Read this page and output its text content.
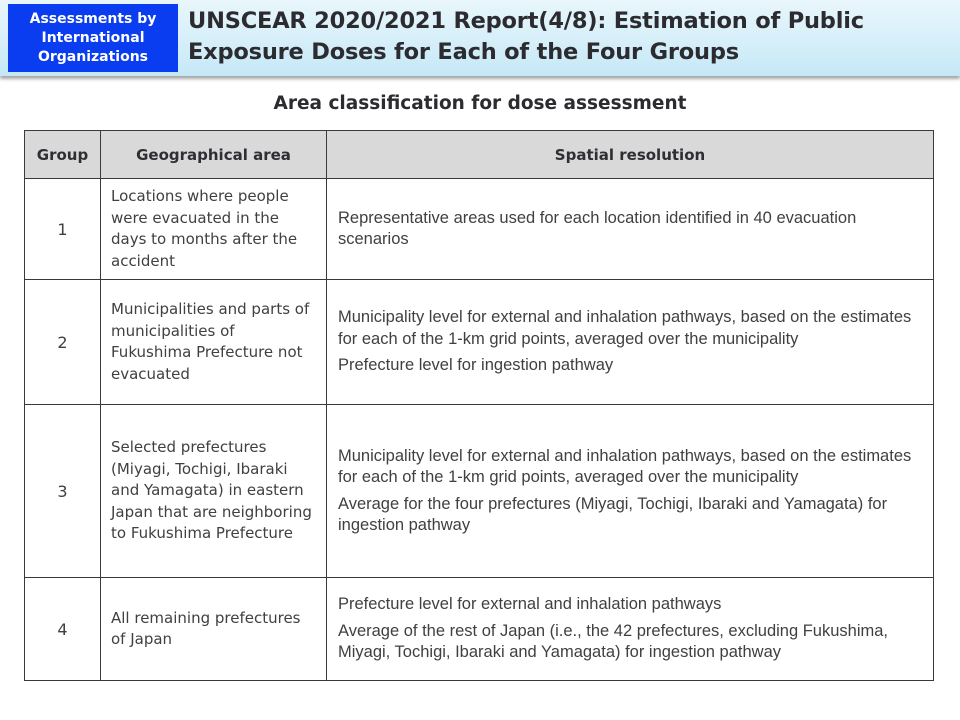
Assessments by
International
Organizations
UNSCEAR 2020/2021 Report(4/8): Estimation of Public
Exposure Doses for Each of the Four Groups
Area classification for dose assessment
Group	Geographical area	Spatial resolution
1	Locations where people were evacuated in the days to months after the accident	Representative areas used for each location identified in 40 evacuation scenarios

2	Municipalities and parts of municipalities of Fukushima Prefecture not evacuated	Municipality level for external and inhalation pathways, based on the estimates for each of the 1-km grid points, averaged over the municipality

Prefecture level for ingestion pathway

3	Selected prefectures (Miyagi, Tochigi, Ibaraki and Yamagata) in eastern Japan that are neighboring to Fukushima Prefecture	Municipality level for external and inhalation pathways, based on the estimates for each of the 1-km grid points, averaged over the municipality

Average for the four prefectures (Miyagi, Tochigi, Ibaraki and Yamagata) for ingestion pathway

4	All remaining prefectures of Japan	Prefecture level for external and inhalation pathways

Average of the rest of Japan (i.e., the 42 prefectures, excluding Fukushima, Miyagi, Tochigi, Ibaraki and Yamagata) for ingestion pathway
